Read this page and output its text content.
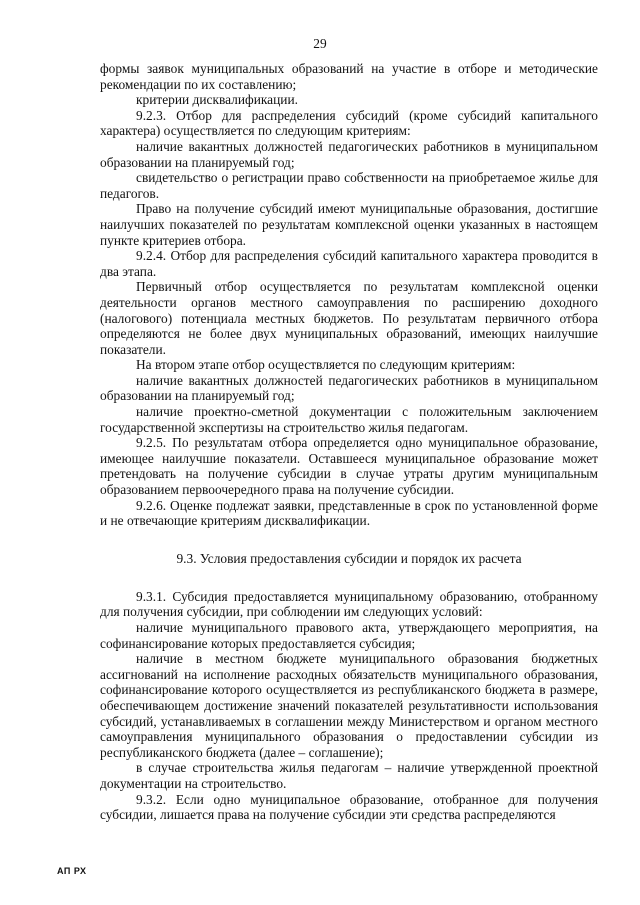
29

формы заявок муниципальных образований на участие в отборе и методические рекомендации по их составлению;

критерии дисквалификации.

9.2.3. Отбор для распределения субсидий (кроме субсидий капитального характера) осуществляется по следующим критериям:

наличие вакантных должностей педагогических работников в муниципальном образовании на планируемый год;

свидетельство о регистрации право собственности на приобретаемое жилье для педагогов.

Право на получение субсидий имеют муниципальные образования, достигшие наилучших показателей по результатам комплексной оценки указанных в настоящем пункте критериев отбора.

9.2.4. Отбор для распределения субсидий капитального характера проводится в два этапа.

Первичный отбор осуществляется по результатам комплексной оценки деятельности органов местного самоуправления по расширению доходного (налогового) потенциала местных бюджетов. По результатам первичного отбора определяются не более двух муниципальных образований, имеющих наилучшие показатели.

На втором этапе отбор осуществляется по следующим критериям:

наличие вакантных должностей педагогических работников в муниципальном образовании на планируемый год;

наличие проектно-сметной документации с положительным заключением государственной экспертизы на строительство жилья педагогам.

9.2.5. По результатам отбора определяется одно муниципальное образование, имеющее наилучшие показатели. Оставшееся муниципальное образование может претендовать на получение субсидии в случае утраты другим муниципальным образованием первоочередного права на получение субсидии.

9.2.6. Оценке подлежат заявки, представленные в срок по установленной форме и не отвечающие критериям дисквалификации.

9.3. Условия предоставления субсидии и порядок их расчета

9.3.1. Субсидия предоставляется муниципальному образованию, отобранному для получения субсидии, при соблюдении им следующих условий:

наличие муниципального правового акта, утверждающего мероприятия, на софинансирование которых предоставляется субсидия;

наличие в местном бюджете муниципального образования бюджетных ассигнований на исполнение расходных обязательств муниципального образования, софинансирование которого осуществляется из республиканского бюджета в размере, обеспечивающем достижение значений показателей результативности использования субсидий, устанавливаемых в соглашении между Министерством и органом местного самоуправления муниципального образования о предоставлении субсидии из республиканского бюджета (далее – соглашение);

в случае строительства жилья педагогам – наличие утвержденной проектной документации на строительство.

9.3.2. Если одно муниципальное образование, отобранное для получения субсидии, лишается права на получение субсидии эти средства распределяются

АП РХ
